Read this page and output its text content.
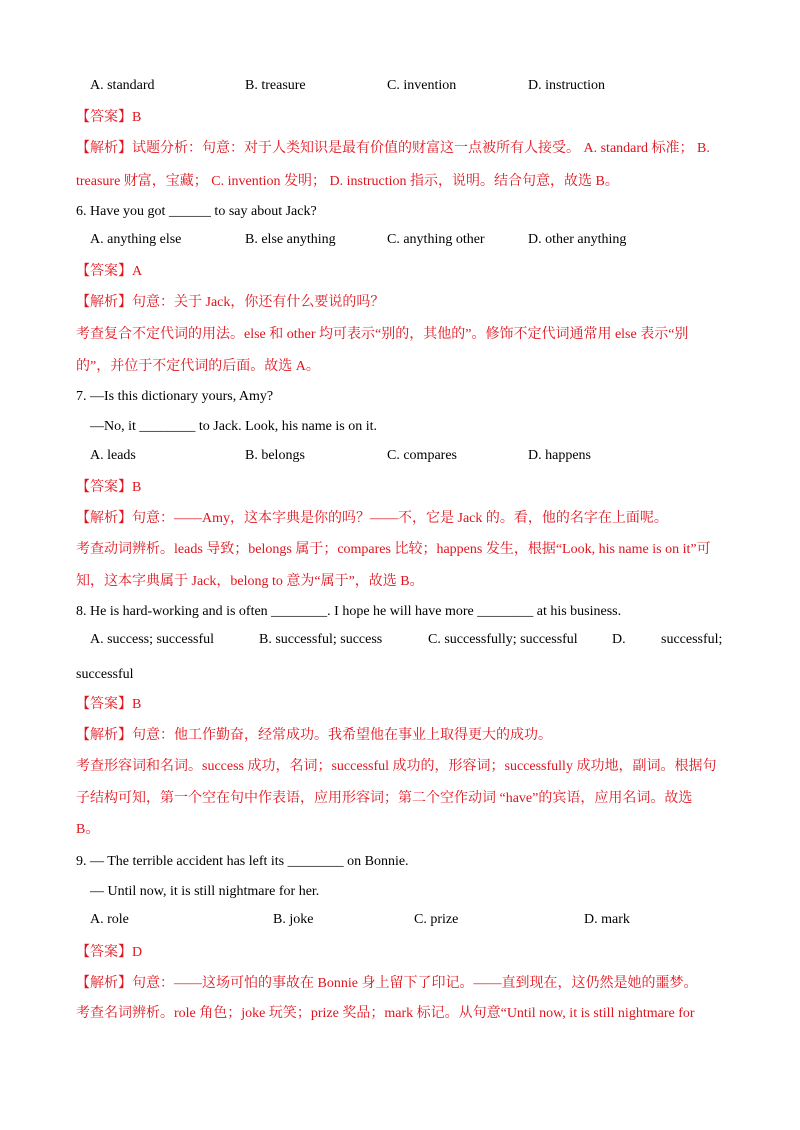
A. standard	B. treasure	C. invention	D. instruction
【答案】B
【解析】试题分析：句意：对于人类知识是最有价值的财富这一点被所有人接受。 A. standard 标准； B.
treasure 财富，宝藏； C. invention 发明； D. instruction 指示，说明。结合句意，故选 B。
6. Have you got ______ to say about Jack?
A. anything else	B. else anything	C. anything other	D. other anything
【答案】A
【解析】句意：关于 Jack，你还有什么要说的吗？
考查复合不定代词的用法。else 和 other 均可表示“别的，其他的”。修饰不定代词通常用 else 表示“别
的”，并位于不定代词的后面。故选 A。
7. —Is this dictionary yours, Amy?
—No, it ________ to Jack. Look, his name is on it.
A. leads	B. belongs	C. compares	D. happens
【答案】B
【解析】句意：——Amy，这本字典是你的吗？——不，它是 Jack 的。看，他的名字在上面呢。
考查动词辨析。leads 导致；belongs 属于；compares 比较；happens 发生，根据“Look, his name is on it”可
知，这本字典属于 Jack，belong to 意为“属于”，故选 B。
8. He is hard-working and is often ________. I hope he will have more ________ at his business.
A. success; successful	B. successful; success	C. successfully; successful D.	successful;
successful
【答案】B
【解析】句意：他工作勤奋，经常成功。我希望他在事业上取得更大的成功。
考查形容词和名词。success 成功，名词；successful 成功的，形容词；successfully 成功地，副词。根据句
子结构可知，第一个空在句中作表语，应用形容词；第二个空作动词 “have”的宾语，应用名词。故选
B。
9. — The terrible accident has left its ________ on Bonnie.
— Until now, it is still nightmare for her.
A. role	B. joke	C. prize	D. mark
【答案】D
【解析】句意：——这场可怕的事故在 Bonnie 身上留下了印记。——直到现在，这仍然是她的噩梦。
考查名词辨析。role 角色；joke 玩笑；prize 奖品；mark 标记。从句意“Until now, it is still nightmare for
